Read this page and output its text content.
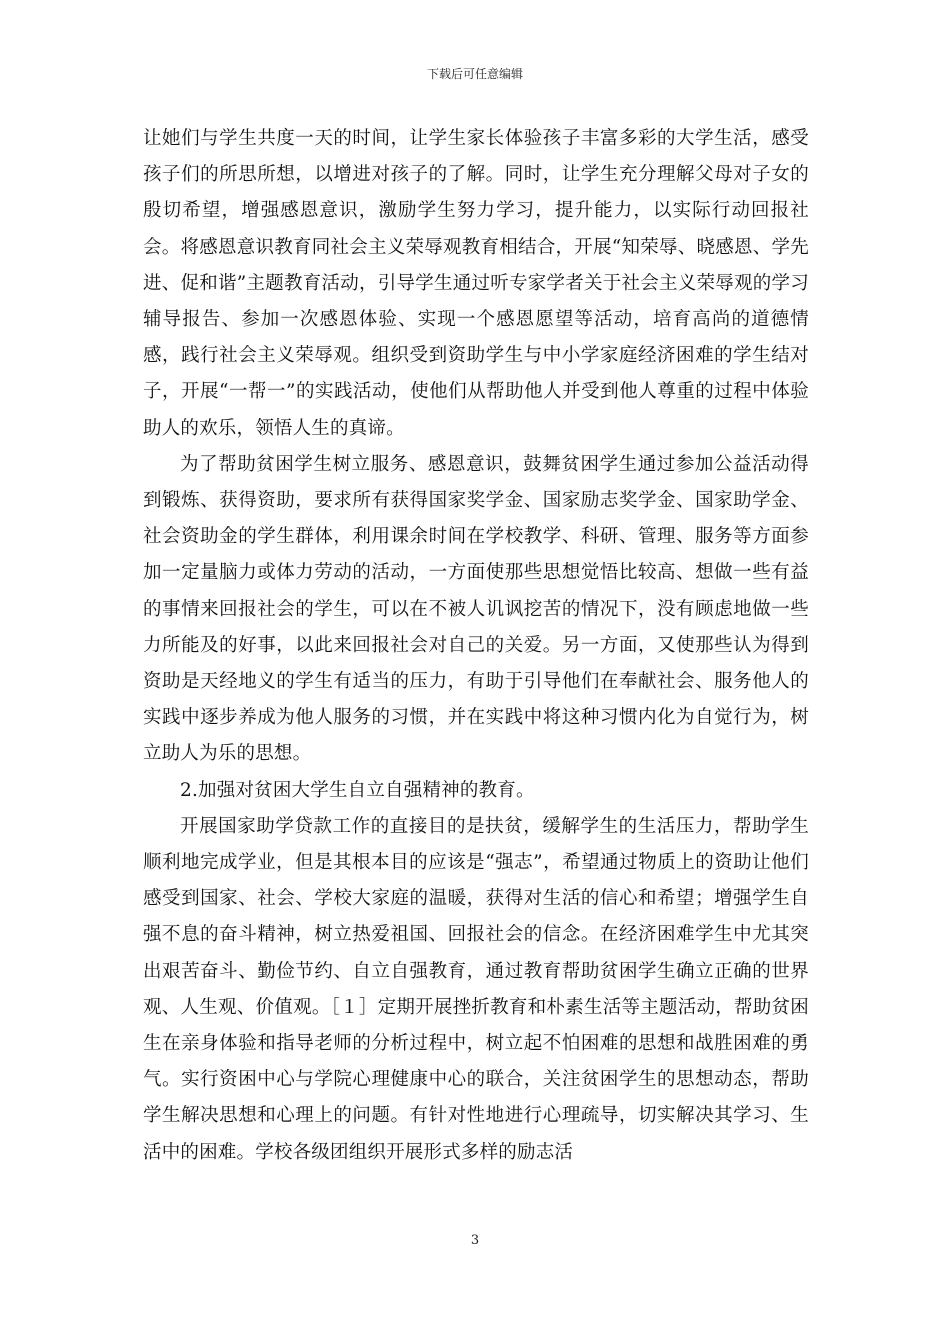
下载后可任意编辑

让她们与学生共度一天的时间，让学生家长体验孩子丰富多彩的大学生活，感受孩子们的所思所想，以增进对孩子的了解。同时，让学生充分理解父母对子女的殷切希望，增强感恩意识，激励学生努力学习，提升能力，以实际行动回报社会。将感恩意识教育同社会主义荣辱观教育相结合，开展“知荣辱、晓感恩、学先进、促和谐”主题教育活动，引导学生通过听专家学者关于社会主义荣辱观的学习辅导报告、参加一次感恩体验、实现一个感恩愿望等活动，培育高尚的道德情感，践行社会主义荣辱观。组织受到资助学生与中小学家庭经济困难的学生结对子，开展“一帮一”的实践活动，使他们从帮助他人并受到他人尊重的过程中体验助人的欢乐，领悟人生的真谛。

为了帮助贫困学生树立服务、感恩意识，鼓舞贫困学生通过参加公益活动得到锻炼、获得资助，要求所有获得国家奖学金、国家励志奖学金、国家助学金、社会资助金的学生群体，利用课余时间在学校教学、科研、管理、服务等方面参加一定量脑力或体力劳动的活动，一方面使那些思想觉悟比较高、想做一些有益的事情来回报社会的学生，可以在不被人讥讽挖苦的情况下，没有顾虑地做一些力所能及的好事，以此来回报社会对自己的关爱。另一方面，又使那些认为得到资助是天经地义的学生有适当的压力，有助于引导他们在奉献社会、服务他人的实践中逐步养成为他人服务的习惯，并在实践中将这种习惯内化为自觉行为，树立助人为乐的思想。

2.加强对贫困大学生自立自强精神的教育。

开展国家助学贷款工作的直接目的是扶贫，缓解学生的生活压力，帮助学生顺利地完成学业，但是其根本目的应该是“强志”，希望通过物质上的资助让他们感受到国家、社会、学校大家庭的温暖，获得对生活的信心和希望；增强学生自强不息的奋斗精神，树立热爱祖国、回报社会的信念。在经济困难学生中尤其突出艰苦奋斗、勤俭节约、自立自强教育，通过教育帮助贫困学生确立正确的世界观、人生观、价值观。［１］定期开展挫折教育和朴素生活等主题活动，帮助贫困生在亲身体验和指导老师的分析过程中，树立起不怕困难的思想和战胜困难的勇气。实行资困中心与学院心理健康中心的联合，关注贫困学生的思想动态，帮助学生解决思想和心理上的问题。有针对性地进行心理疏导，切实解决其学习、生活中的困难。学校各级团组织开展形式多样的励志活

3
